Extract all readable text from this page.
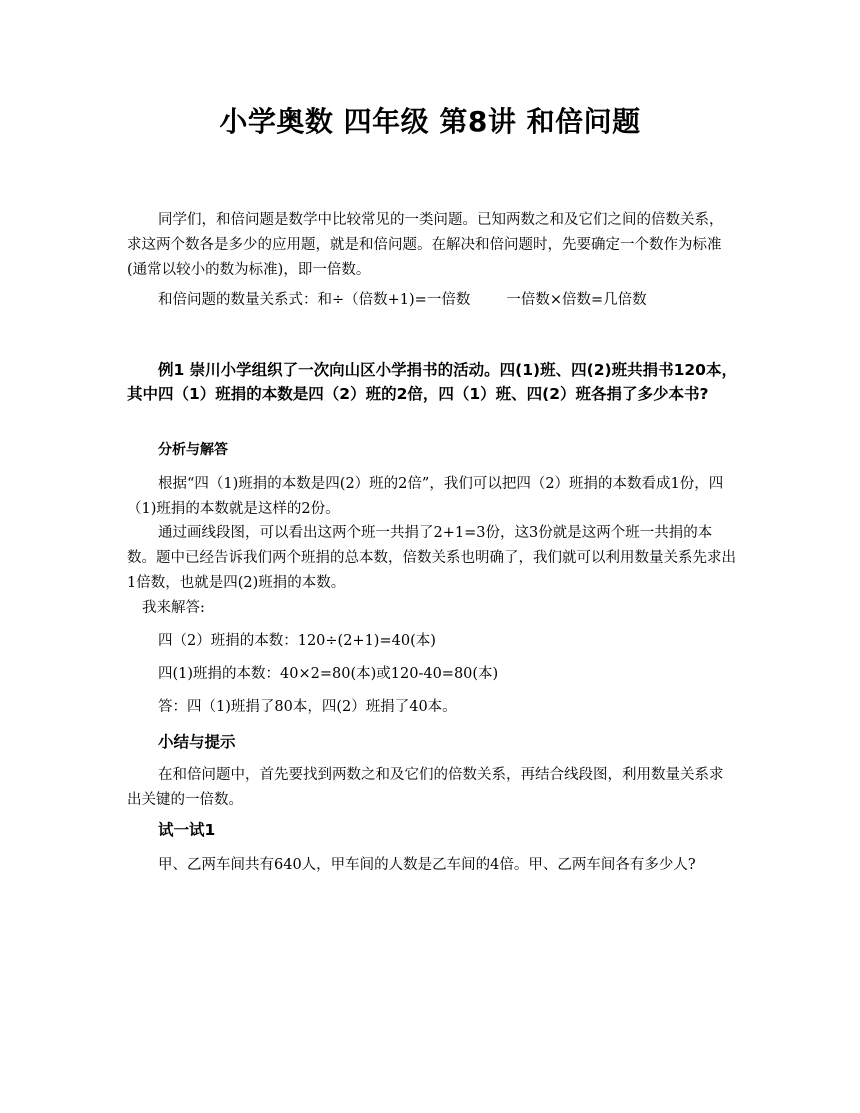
小学奥数 四年级 第8讲 和倍问题

同学们，和倍问题是数学中比较常见的一类问题。已知两数之和及它们之间的倍数关系，求这两个数各是多少的应用题，就是和倍问题。在解决和倍问题时，先要确定一个数作为标准(通常以较小的数为标准)，即一倍数。

和倍问题的数量关系式：和÷（倍数+1)=一倍数 一倍数×倍数=几倍数

例1 崇川小学组织了一次向山区小学捐书的活动。四(1)班、四(2)班共捐书120本，其中四（1）班捐的本数是四（2）班的2倍，四（1）班、四(2）班各捐了多少本书?

分析与解答

根据“四（1)班捐的本数是四(2）班的2倍”，我们可以把四（2）班捐的本数看成1份，四（1)班捐的本数就是这样的2份。

通过画线段图，可以看出这两个班一共捐了2+1=3份，这3份就是这两个班一共捐的本数。题中已经告诉我们两个班捐的总本数，倍数关系也明确了，我们就可以利用数量关系先求出1倍数，也就是四(2)班捐的本数。

我来解答:

四（2）班捐的本数：120÷(2+1)=40(本)

四(1)班捐的本数：40×2=80(本)或120-40=80(本)

答：四（1)班捐了80本，四(2）班捐了40本。

小结与提示

在和倍问题中，首先要找到两数之和及它们的倍数关系，再结合线段图，利用数量关系求出关键的一倍数。

试一试1

甲、乙两车间共有640人，甲车间的人数是乙车间的4倍。甲、乙两车间各有多少人?
